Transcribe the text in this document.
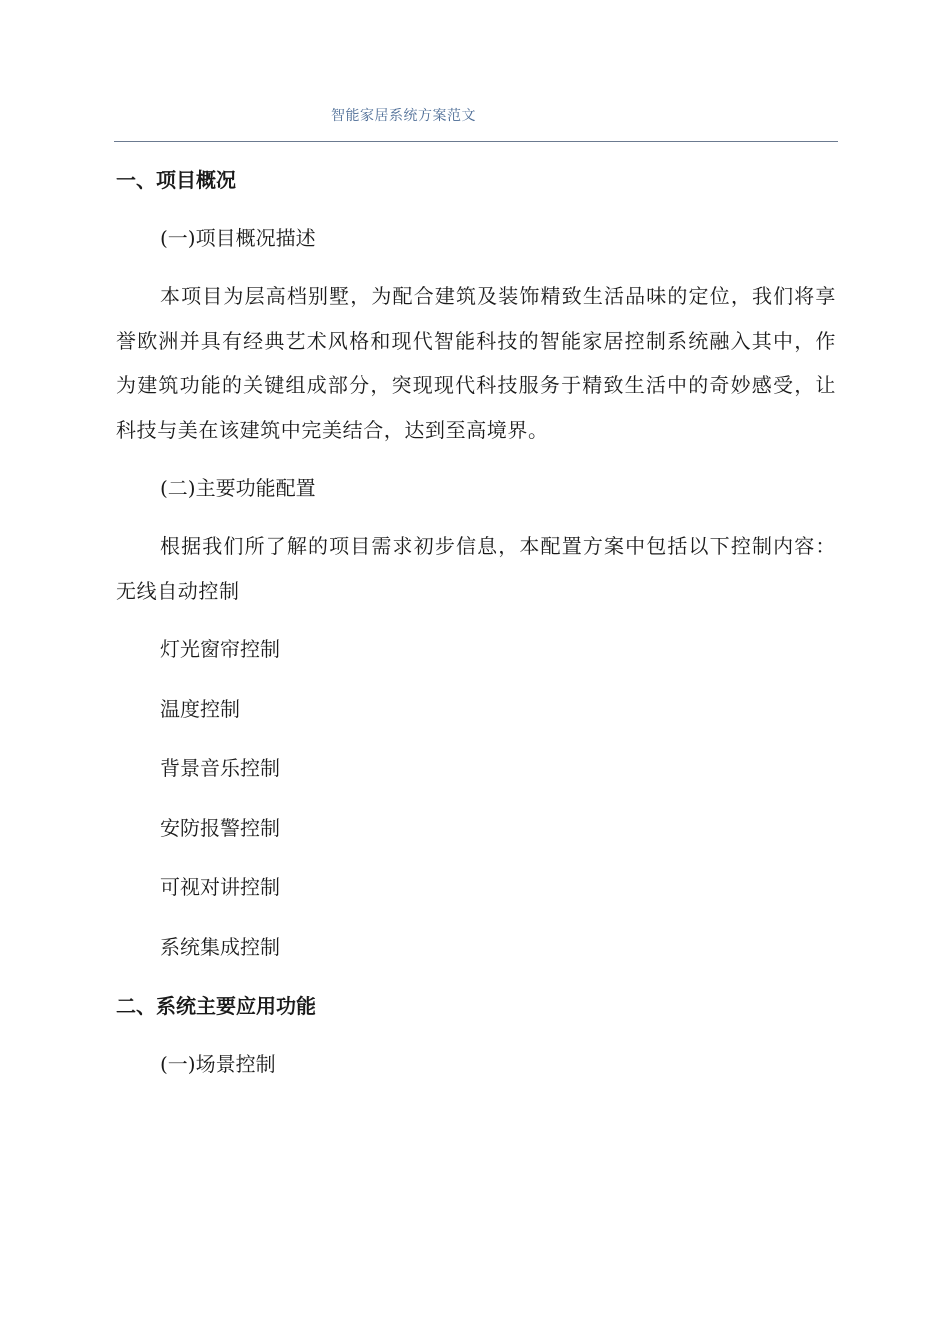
智能家居系统方案范文
一、项目概况
(一)项目概况描述
本项目为层高档别墅，为配合建筑及装饰精致生活品味的定位，我们将享誉欧洲并具有经典艺术风格和现代智能科技的智能家居控制系统融入其中，作为建筑功能的关键组成部分，突现现代科技服务于精致生活中的奇妙感受，让科技与美在该建筑中完美结合，达到至高境界。
(二)主要功能配置
根据我们所了解的项目需求初步信息，本配置方案中包括以下控制内容：无线自动控制
灯光窗帘控制
温度控制
背景音乐控制
安防报警控制
可视对讲控制
系统集成控制
二、系统主要应用功能
(一)场景控制
